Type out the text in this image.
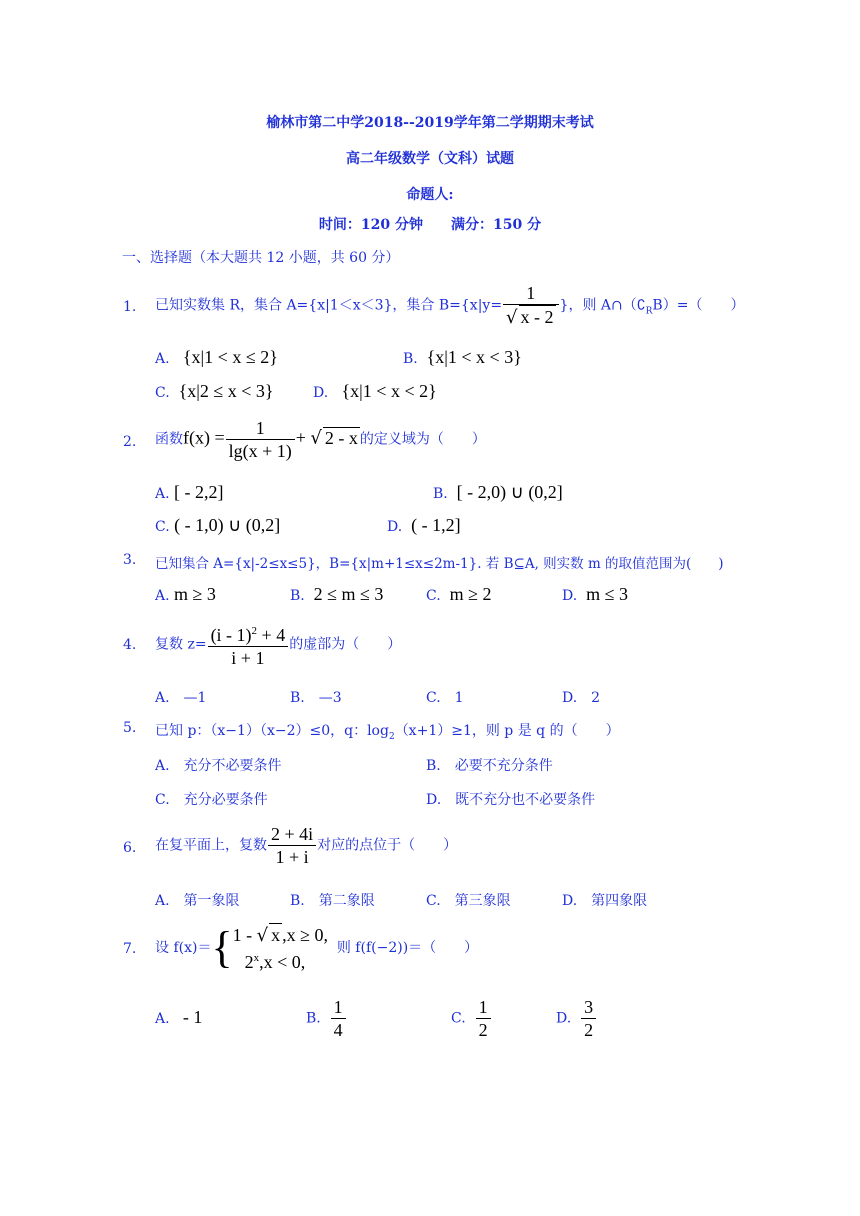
榆林市第二中学2018--2019学年第二学期期末考试
高二年级数学（文科）试题
命题人:
时间：120 分钟　　满分：150 分
一、选择题（本大题共 12 小题，共 60 分）
1. 已知实数集 R，集合 A={x|1＜x＜3}，集合 $B=\{x|y= \frac{1}{√ x - 2}$ }，则 $A\cap(∁_RB)=$（　　）
A. {x|1 < x ≤ 2}	B. {x|1 < x < 3}
C. {x|2 ≤ x < 3}	D. {x|1 < x < 2}
2. 函数$f(x) = \frac{1}{\lg(x + 1)}$ + √ 2 - x 的定义域为（　　）
A. [ - 2,2]	B. [ - 2,0) ∪ (0,2]
C. ( - 1,0) ∪ (0,2]	D. ( - 1,2]
3. 已知集合 A={x|-2≤x≤5}，B={x|m+1≤x≤2m-1}. 若 B⊆A, 则实数 m 的取值范围为(　　)
A. m ≥ 3	B. 2 ≤ m ≤ 3	C. m ≥ 2	D. m ≤ 3
4. 复数 $z= \frac{(i - 1)^2 + 4}{i + 1}$ 的虚部为（　　）
A.　—1	B.　—3	C.　1	D.　2
5. 已知 p：（x−1）（x−2）≤0，q：$\log_2(x+1)\ge 1$，则 p 是 q 的（　　）
A.　充分不必要条件	B.　必要不充分条件
C.　充分必要条件	D.　既不充分也不必要条件
6. 在复平面上，复数 $\frac{2 + 4i}{1 + i}$ 对应的点位于（　　）
A.　第一象限	B.　第二象限	C.　第三象限	D.　第四象限
7. 设 f(x)＝{ 1 - √ x ,x ≥ 0,
$2^x,x < 0$,
则 f(f(−2))＝（　　）
A. - 1	B. $\frac{1}{4}$	C. $\frac{1}{2}$	D. $\frac{3}{2}$
